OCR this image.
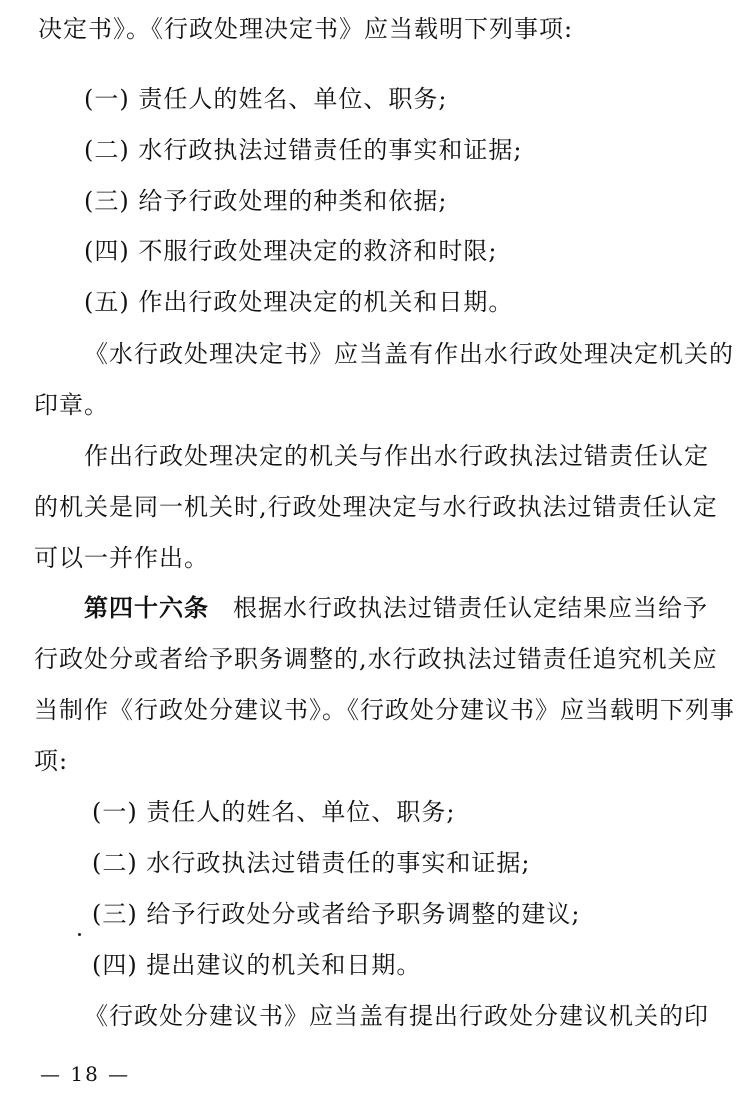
决定书》。《行政处理决定书》应当载明下列事项:
(一) 责任人的姓名、单位、职务;
(二) 水行政执法过错责任的事实和证据;
(三) 给予行政处理的种类和依据;
(四) 不服行政处理决定的救济和时限;
(五) 作出行政处理决定的机关和日期。
《水行政处理决定书》应当盖有作出水行政处理决定机关的
印章。
作出行政处理决定的机关与作出水行政执法过错责任认定
的机关是同一机关时,行政处理决定与水行政执法过错责任认定
可以一并作出。
第四十六条 根据水行政执法过错责任认定结果应当给予
行政处分或者给予职务调整的,水行政执法过错责任追究机关应
当制作《行政处分建议书》。《行政处分建议书》应当载明下列事
项:
(一) 责任人的姓名、单位、职务;
(二) 水行政执法过错责任的事实和证据;
(三) 给予行政处分或者给予职务调整的建议;
(四) 提出建议的机关和日期。
《行政处分建议书》应当盖有提出行政处分建议机关的印
— 18 —
